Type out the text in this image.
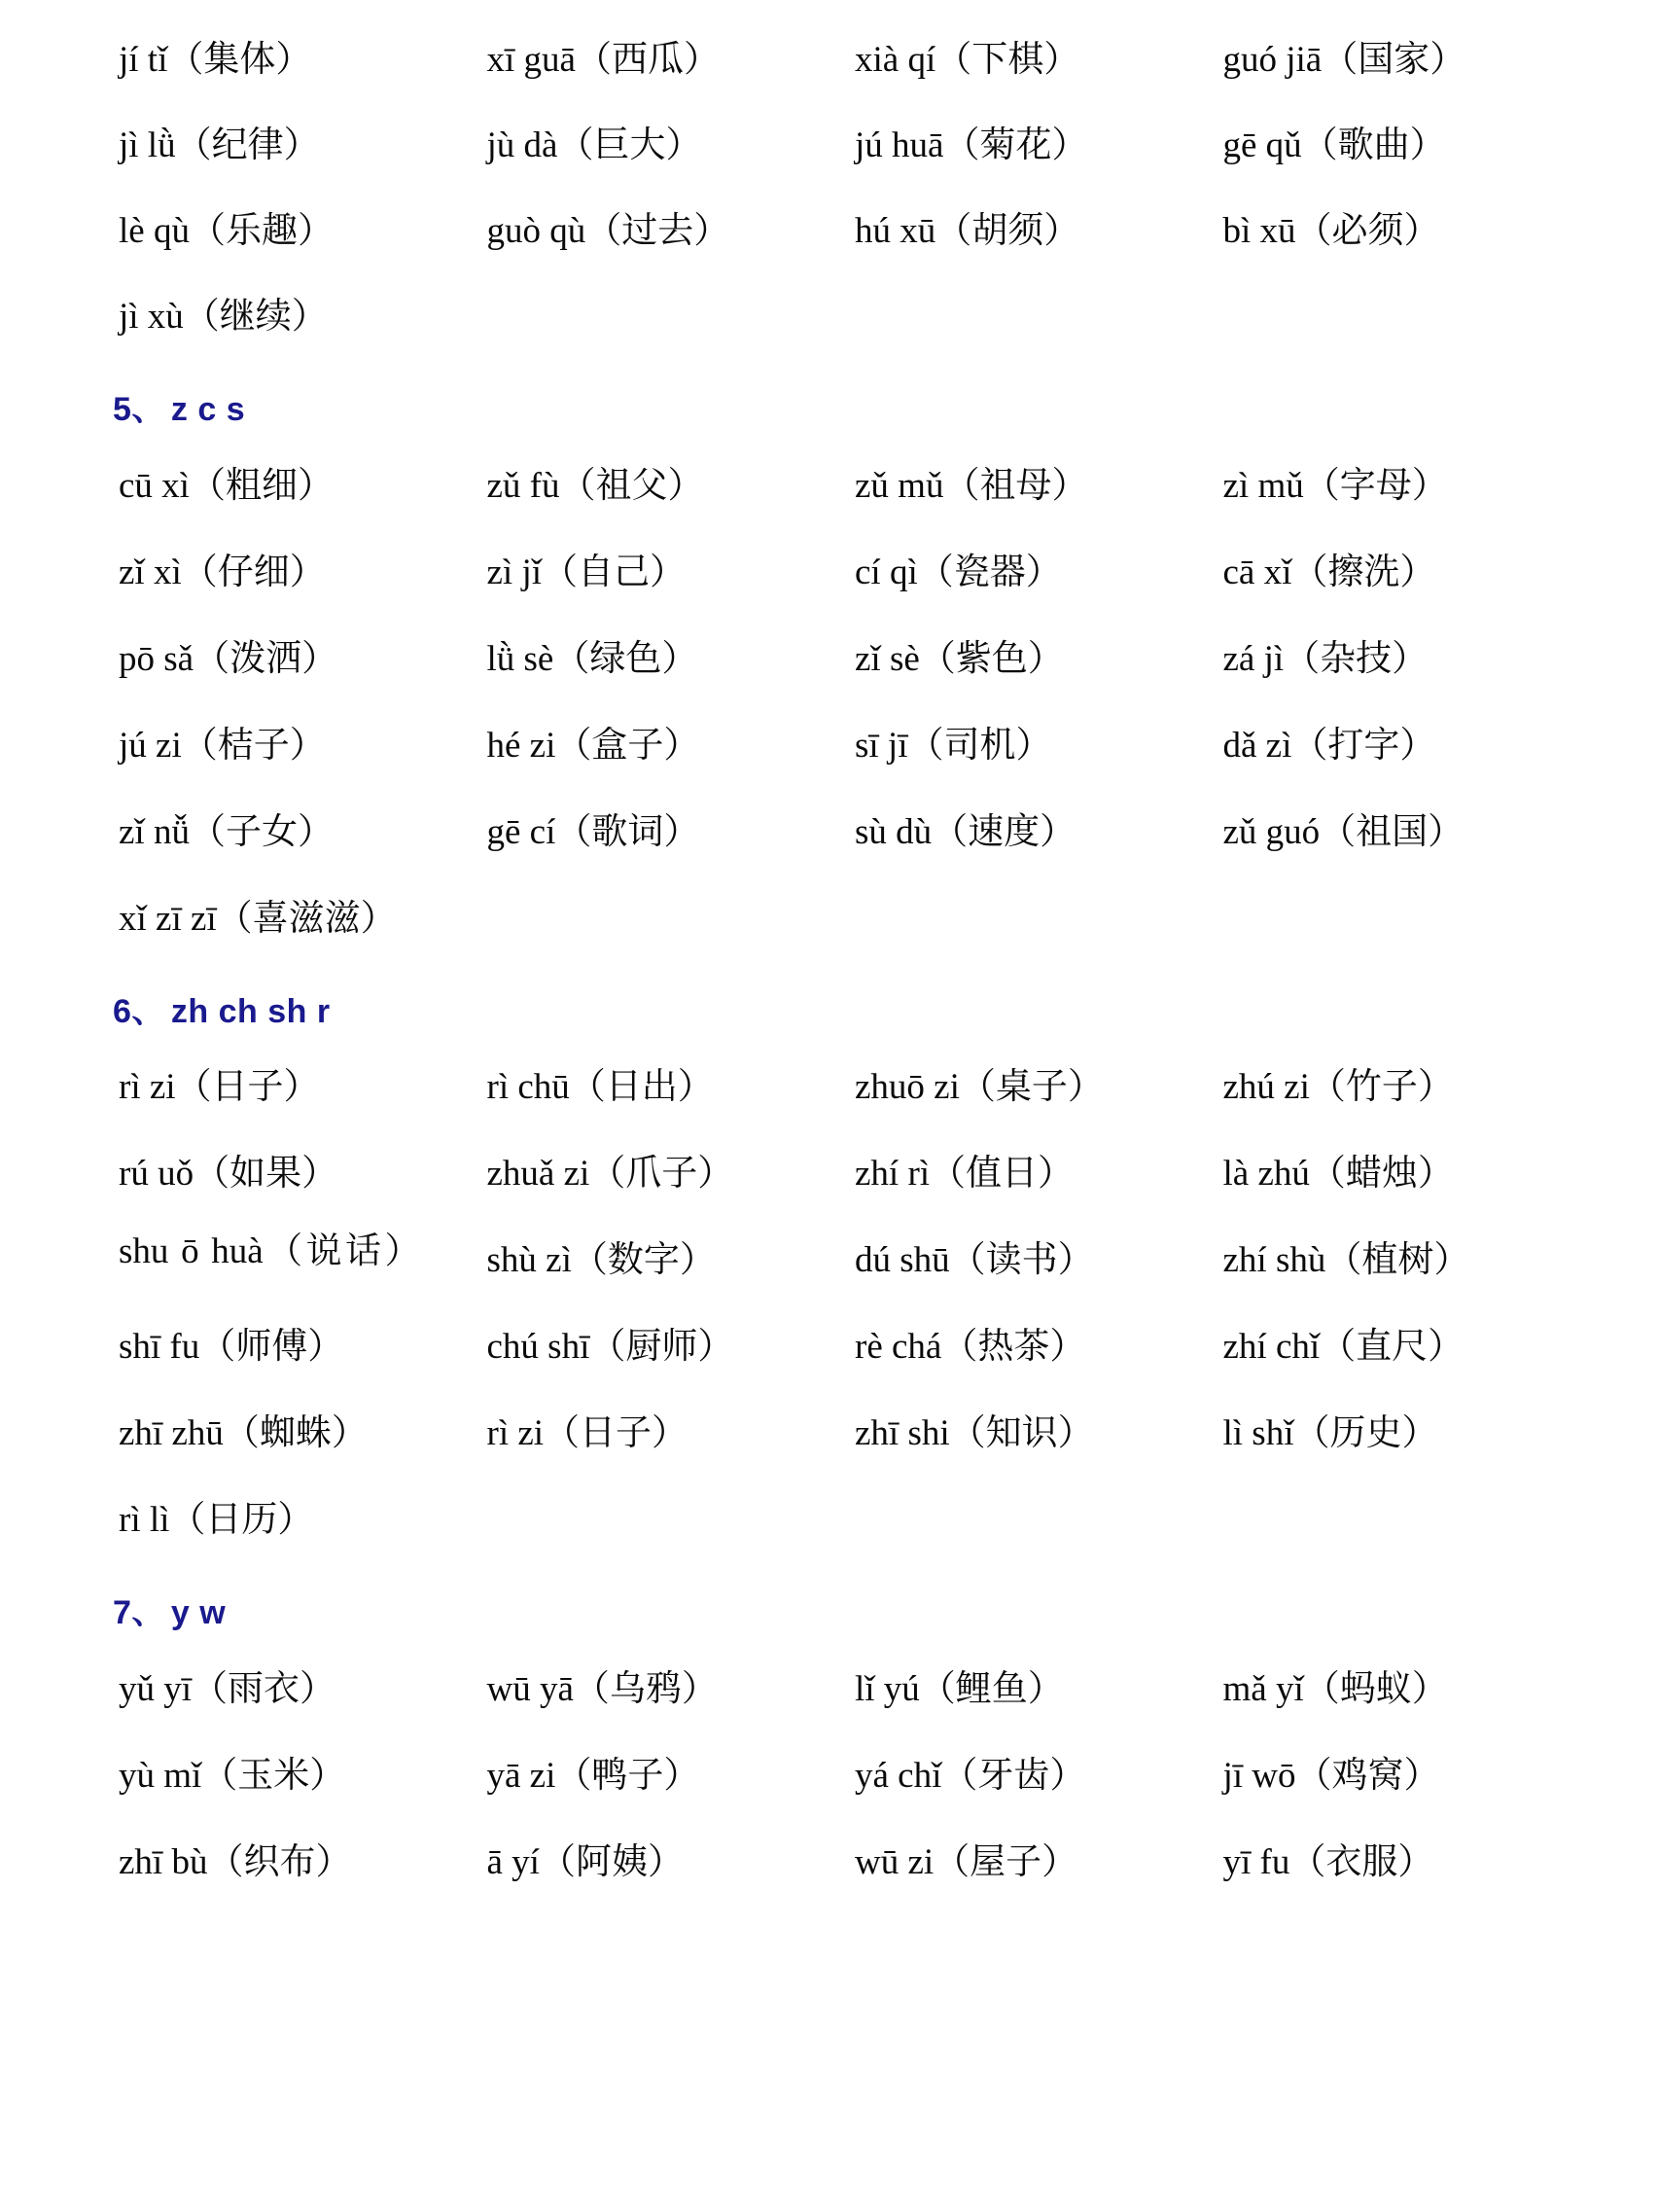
jí tǐ（集体）	xī guā（西瓜）	xià qí（下棋）	guó jiā（国家）
jì lǜ（纪律）	jù dà（巨大）	jú huā（菊花）	gē qǔ（歌曲）
lè qù（乐趣）	guò qù（过去）	hú xū（胡须）	bì xū（必须）
jì xù（继续）
5、 z c s
cū xì（粗细）	zǔ fù（祖父）	zǔ mǔ（祖母）	zì mǔ（字母）
zǐ xì（仔细）	zì jǐ（自己）	cí qì（瓷器）	cā xǐ（擦洗）
pō sǎ（泼洒）	lǜ sè（绿色）	zǐ sè（紫色）	zá jì（杂技）
jú zi（桔子）	hé zi（盒子）	sī jī（司机）	dǎ zì（打字）
zǐ nǚ（子女）	gē cí（歌词）	sù dù（速度）	zǔ guó（祖国）
xǐ zī zī（喜滋滋）
6、 zh ch sh r
rì zi（日子）	rì chū（日出）	zhuō zi（桌子）	zhú zi（竹子）
rú uǒ（如果）	zhuǎ zi（爪子）	zhí rì（值日）	là zhú（蜡烛）
shu ō huà（说话）	shù zì（数字）	dú shū（读书）	zhí shù（植树）
shī fu（师傅）	chú shī（厨师）	rè chá（热茶）	zhí chǐ（直尺）
zhī zhū（蜘蛛）	rì zi（日子）	zhī shi（知识）	lì shǐ（历史）
rì lì（日历）
7、 y w
yǔ yī（雨衣）	wū yā（乌鸦）	lǐ yú（鲤鱼）	mǎ yǐ（蚂蚁）
yù mǐ（玉米）	yā zi（鸭子）	yá chǐ（牙齿）	jī wō（鸡窝）
zhī bù（织布）	ā yí（阿姨）	wū zi（屋子）	yī fu（衣服）
